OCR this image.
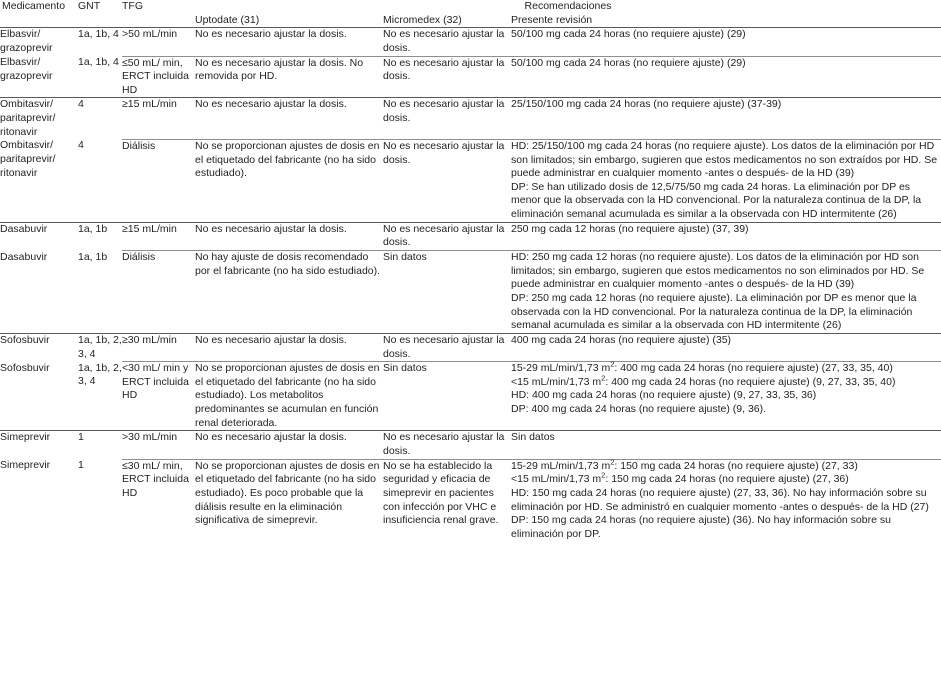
Medicamento	GNT	TFG	Recomendaciones		
			Uptodate (31)	Micromedex (32)	Presente revisión
Elbasvir/ grazoprevir	1a, 1b, 4	>50 mL/min	No es necesario ajustar la dosis.	No es necesario ajustar la dosis.	50/100 mg cada 24 horas (no requiere ajuste) (29)

Elbasvir/ grazoprevir	1a, 1b, 4	≤50 mL/ min, ERCT incluida HD	No es necesario ajustar la dosis. No removida por HD.	No es necesario ajustar la dosis.	50/100 mg cada 24 horas (no requiere ajuste) (29)

Ombitasvir/ paritaprevir/ ritonavir	4	≥15 mL/min	No es necesario ajustar la dosis.	No es necesario ajustar la dosis.	25/150/100 mg cada 24 horas (no requiere ajuste) (37-39)

Ombitasvir/ paritaprevir/ ritonavir	4	Diálisis	No se proporcionan ajustes de dosis en el etiquetado del fabricante (no ha sido estudiado).	No es necesario ajustar la dosis.	HD: 25/150/100 mg cada 24 horas (no requiere ajuste). Los datos de la eliminación por HD son limitados; sin embargo, sugieren que estos medicamentos no son extraídos por HD. Se puede administrar en cualquier momento -antes o después- de la HD (39)
DP: Se han utilizado dosis de 12,5/75/50 mg cada 24 horas. La eliminación por DP es menor que la observada con la HD convencional. Por la naturaleza continua de la DP, la eliminación semanal acumulada es similar a la observada con HD intermitente (26)

Dasabuvir	1a, 1b	≥15 mL/min	No es necesario ajustar la dosis.	No es necesario ajustar la dosis.	250 mg cada 12 horas (no requiere ajuste) (37, 39)

Dasabuvir	1a, 1b	Diálisis	No hay ajuste de dosis recomendado por el fabricante (no ha sido estudiado).	Sin datos	HD: 250 mg cada 12 horas (no requiere ajuste). Los datos de la eliminación por HD son limitados; sin embargo, sugieren que estos medicamentos no son eliminados por HD. Se puede administrar en cualquier momento -antes o después- de la HD (39)
DP: 250 mg cada 12 horas (no requiere ajuste). La eliminación por DP es menor que la observada con la HD convencional. Por la naturaleza continua de la DP, la eliminación semanal acumulada es similar a la observada con HD intermitente (26)

Sofosbuvir	1a, 1b, 2, 3, 4	≥30 mL/min	No es necesario ajustar la dosis.	No es necesario ajustar la dosis.	400 mg cada 24 horas (no requiere ajuste) (35)

Sofosbuvir	1a, 1b, 2, 3, 4	<30 mL/ min y ERCT incluida HD	No se proporcionan ajustes de dosis en el etiquetado del fabricante (no ha sido estudiado). Los metabolitos predominantes se acumulan en función renal deteriorada.	Sin datos	15-29 mL/min/1,73 $m^2$: 400 mg cada 24 horas (no requiere ajuste) (27, 33, 35, 40)
<15 mL/min/1,73 $m^2$: 400 mg cada 24 horas (no requiere ajuste) (9, 27, 33, 35, 40)
HD: 400 mg cada 24 horas (no requiere ajuste) (9, 27, 33, 35, 36)
DP: 400 mg cada 24 horas (no requiere ajuste) (9, 36).

Simeprevir	1	>30 mL/min	No es necesario ajustar la dosis.	No es necesario ajustar la dosis.	Sin datos

Simeprevir	1	≤30 mL/ min, ERCT incluida HD	No se proporcionan ajustes de dosis en el etiquetado del fabricante (no ha sido estudiado). Es poco probable que la diálisis resulte en la eliminación significativa de simeprevir.	No se ha establecido la seguridad y eficacia de simeprevir en pacientes con infección por VHC e insuficiencia renal grave.	15-29 mL/min/1,73 $m^2$: 150 mg cada 24 horas (no requiere ajuste) (27, 33)
<15 mL/min/1,73 $m^2$: 150 mg cada 24 horas (no requiere ajuste) (27, 36)
HD: 150 mg cada 24 horas (no requiere ajuste) (27, 33, 36). No hay información sobre su eliminación por HD. Se administró en cualquier momento -antes o después- de la HD (27)
DP: 150 mg cada 24 horas (no requiere ajuste) (36). No hay información sobre su eliminación por DP.
